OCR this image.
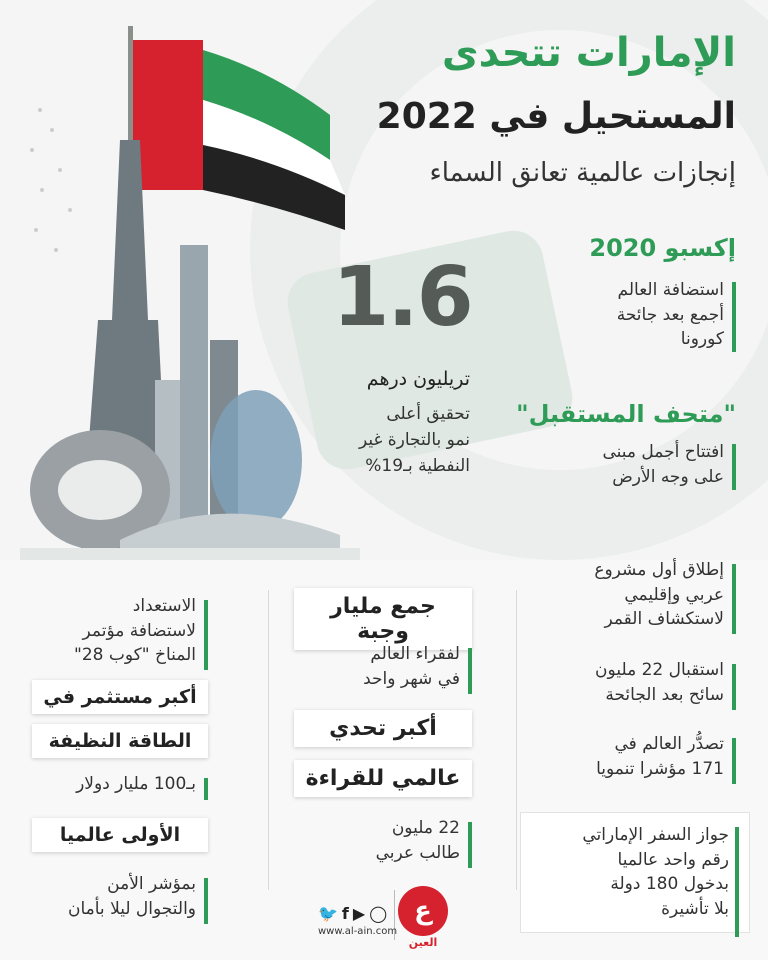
الإمارات تتحدى
المستحيل في 2022
إنجازات عالمية تعانق السماء
1.6
تريليون درهم
تحقيق أعلى
نمو بالتجارة غير
النفطية بـ19%
إكسبو 2020
استضافة العالم
أجمع بعد جائحة
كورونا
"متحف المستقبل"
افتتاح أجمل مبنى
على وجه الأرض
إطلاق أول مشروع
عربي وإقليمي
لاستكشاف القمر
استقبال 22 مليون
سائح بعد الجائحة
تصدُّر العالم في
171 مؤشرا تنمويا
جواز السفر الإماراتي
رقم واحد عالميا
بدخول 180 دولة
بلا تأشيرة
جمع مليار وجبة
لفقراء العالم
في شهر واحد
أكبر تحدي
عالمي للقراءة
22 مليون
طالب عربي
الاستعداد
لاستضافة مؤتمر
المناخ "كوب 28"
أكبر مستثمر في
الطاقة النظيفة
بـ100 مليار دولار
الأولى عالميا
بمؤشر الأمن
والتجوال ليلا بأمان	ع
العين
🐦f▶◯
www.al-ain.com
